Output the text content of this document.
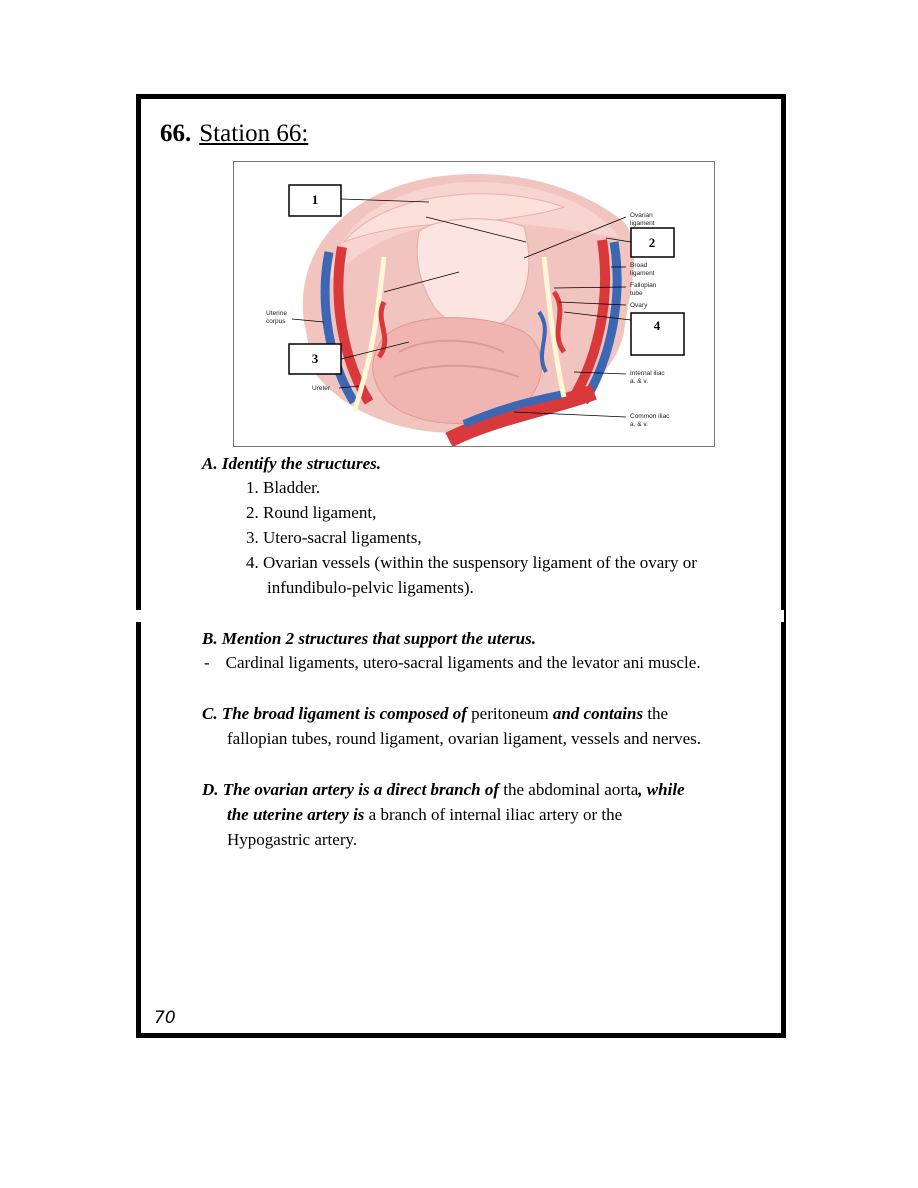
66. Station 66:
1
2
3
4
Ovarian
ligament
Broad
ligament
Fallopian
tube
Ovary
Uterine
corpus
Ureter
Internal iliac
a. & v.
Common iliac
a. & v.
A. Identify the structures.
1. Bladder.
2. Round ligament,
3. Utero-sacral ligaments,
4. Ovarian vessels (within the suspensory ligament of the ovary or
infundibulo-pelvic ligaments).
B. Mention 2 structures that support the uterus.
- Cardinal ligaments, utero-sacral ligaments and the levator ani muscle.
C. The broad ligament is composed of peritoneum and contains the
fallopian tubes, round ligament, ovarian ligament, vessels and nerves.
D. The ovarian artery is a direct branch of the abdominal aorta, while
the uterine artery is a branch of internal iliac artery or the
Hypogastric artery.
70
